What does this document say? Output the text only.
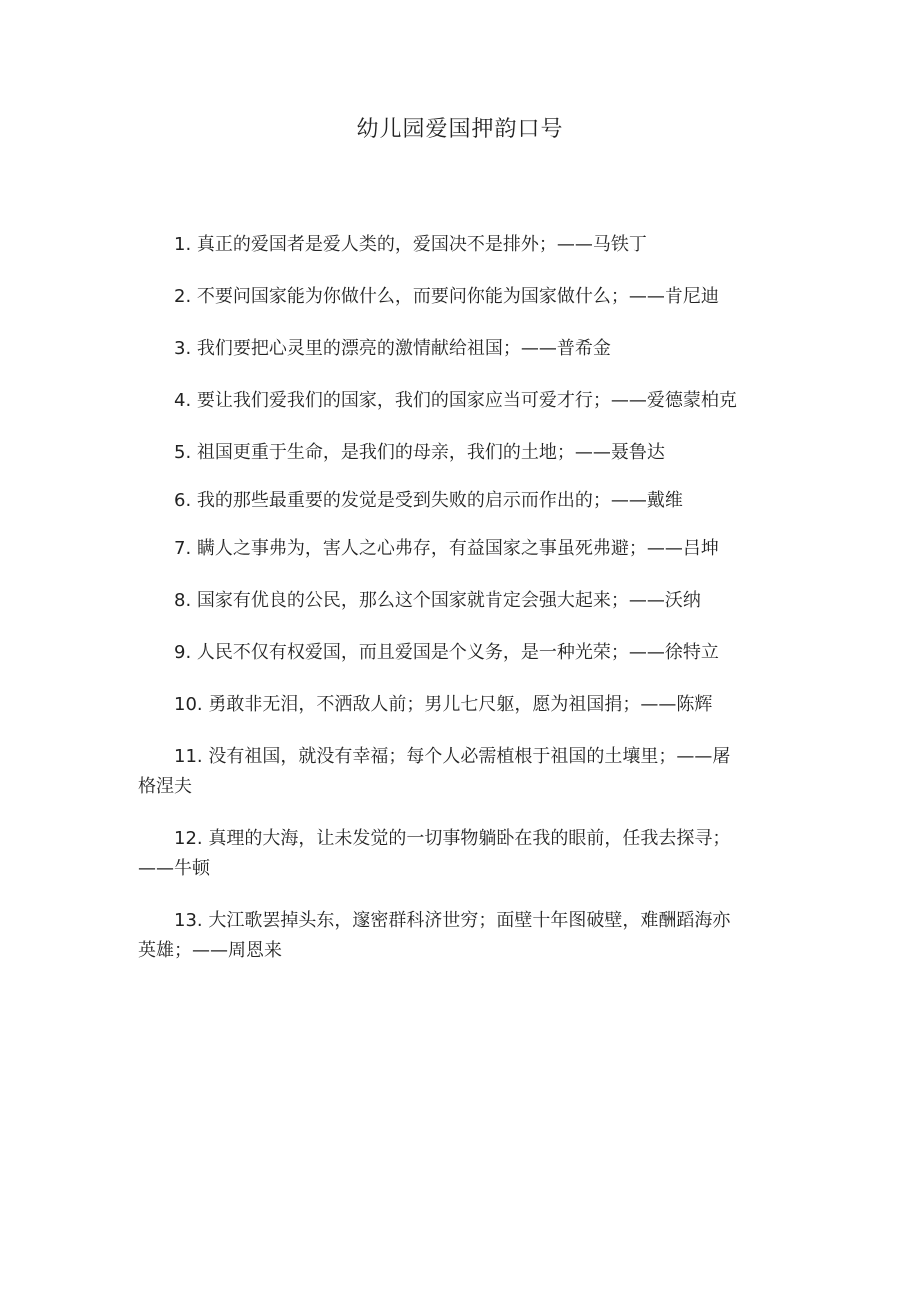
幼儿园爱国押韵口号
1. 真正的爱国者是爱人类的，爱国决不是排外；——马铁丁
2. 不要问国家能为你做什么，而要问你能为国家做什么；——肯尼迪
3. 我们要把心灵里的漂亮的激情献给祖国；——普希金
4. 要让我们爱我们的国家，我们的国家应当可爱才行；——爱德蒙柏克
5. 祖国更重于生命，是我们的母亲，我们的土地；——聂鲁达
6. 我的那些最重要的发觉是受到失败的启示而作出的；——戴维
7. 瞒人之事弗为，害人之心弗存，有益国家之事虽死弗避；——吕坤
8. 国家有优良的公民，那么这个国家就肯定会强大起来；——沃纳
9. 人民不仅有权爱国，而且爱国是个义务，是一种光荣；——徐特立
10. 勇敢非无泪，不洒敌人前；男儿七尺躯，愿为祖国捐；——陈辉
11. 没有祖国，就没有幸福；每个人必需植根于祖国的土壤里；——屠格涅夫
12. 真理的大海，让未发觉的一切事物躺卧在我的眼前，任我去探寻；——牛顿
13. 大江歌罢掉头东，邃密群科济世穷；面壁十年图破壁，难酬蹈海亦英雄；——周恩来
